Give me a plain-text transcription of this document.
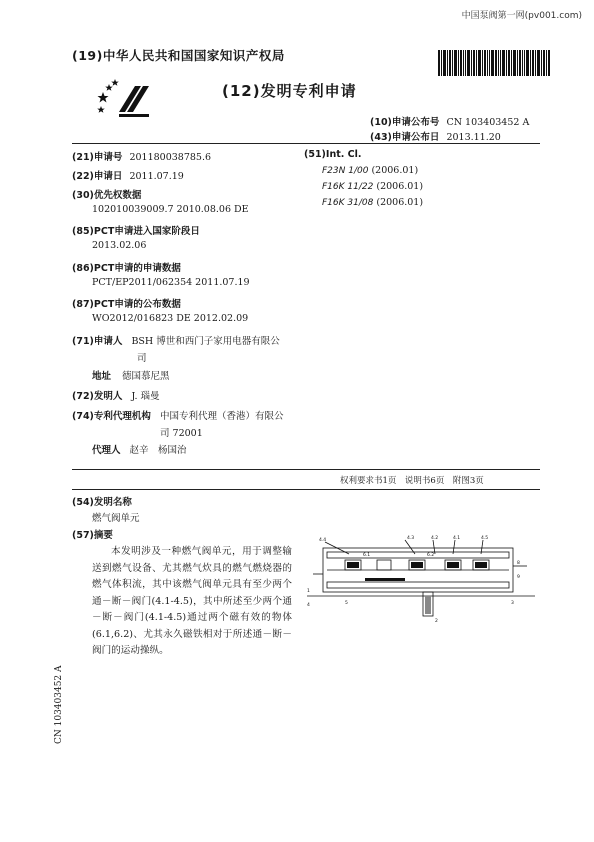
中国泵阀第一网(pv001.com)
(19)中华人民共和国国家知识产权局
(12)发明专利申请
(10)申请公布号 CN 103403452 A
(43)申请公布日 2013.11.20
(21)申请号 201180038785.6
(22)申请日 2011.07.19
(30)优先权数据
102010039009.7 2010.08.06 DE
(85)PCT申请进入国家阶段日
2013.02.06
(86)PCT申请的申请数据
PCT/EP2011/062354 2011.07.19
(87)PCT申请的公布数据
WO2012/016823 DE 2012.02.09
(71)申请人 BSH 博世和西门子家用电器有限公
司
地址 德国慕尼黑
(72)发明人 J. 瑙曼
(74)专利代理机构 中国专利代理（香港）有限公
司 72001
代理人 赵辛　杨国治
(51)Int. Cl.
F23N 1/00 (2006.01)
F16K 11/22 (2006.01)
F16K 31/08 (2006.01)
权利要求书1页　说明书6页　附图3页
(54)发明名称
燃气阀单元
(57)摘要
本发明涉及一种燃气阀单元，用于调整输送到燃气设备、尤其燃气炊具的燃气燃烧器的燃气体积流，其中该燃气阀单元具有至少两个通－断－阀门(4.1-4.5)，其中所述至少两个通－断－阀门(4.1-4.5)通过两个磁有效的物体(6.1,6.2)、尤其永久磁铁相对于所述通－断－阀门的运动操纵。
4.4
6.1
4.3	4.2
6.2
4.1	4.5
8
9
4	5
2
3
1
CN 103403452 A
